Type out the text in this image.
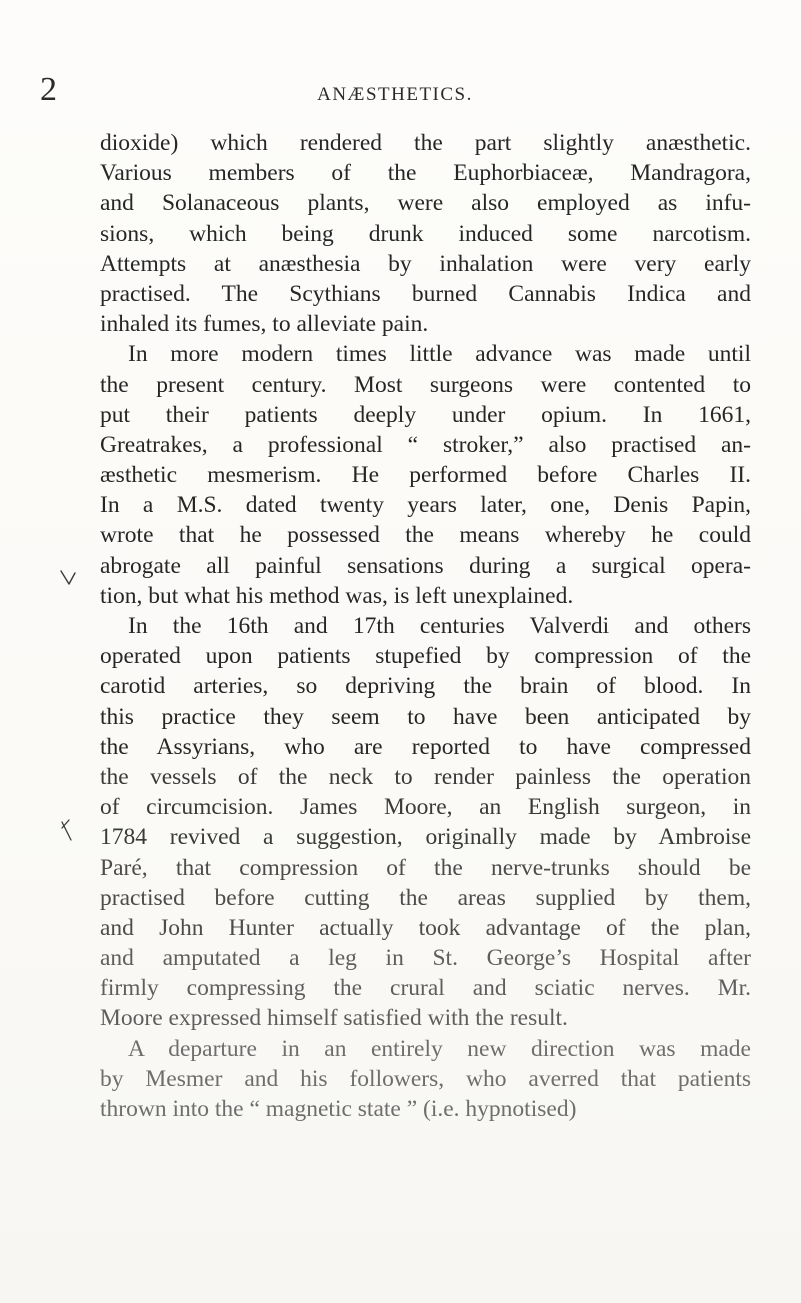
2	ANÆSTHETICS.
dioxide) which rendered the part slightly anæsthetic.
Various members of the Euphorbiaceæ, Mandragora,
and Solanaceous plants, were also employed as infu-
sions, which being drunk induced some narcotism.
Attempts at anæsthesia by inhalation were very early
practised. The Scythians burned Cannabis Indica and
inhaled its fumes, to alleviate pain.
In more modern times little advance was made until
the present century. Most surgeons were contented to
put their patients deeply under opium. In 1661,
Greatrakes, a professional “ stroker,” also practised an-
æsthetic mesmerism. He performed before Charles II.
In a M.S. dated twenty years later, one, Denis Papin,
wrote that he possessed the means whereby he could
abrogate all painful sensations during a surgical opera-
tion, but what his method was, is left unexplained.
In the 16th and 17th centuries Valverdi and others
operated upon patients stupefied by compression of the
carotid arteries, so depriving the brain of blood. In
this practice they seem to have been anticipated by
the Assyrians, who are reported to have compressed
the vessels of the neck to render painless the operation
of circumcision. James Moore, an English surgeon, in
1784 revived a suggestion, originally made by Ambroise
Paré, that compression of the nerve-trunks should be
practised before cutting the areas supplied by them,
and John Hunter actually took advantage of the plan,
and amputated a leg in St. George’s Hospital after
firmly compressing the crural and sciatic nerves. Mr.
Moore expressed himself satisfied with the result.
A departure in an entirely new direction was made
by Mesmer and his followers, who averred that patients
thrown into the “ magnetic state ” (i.e. hypnotised)
